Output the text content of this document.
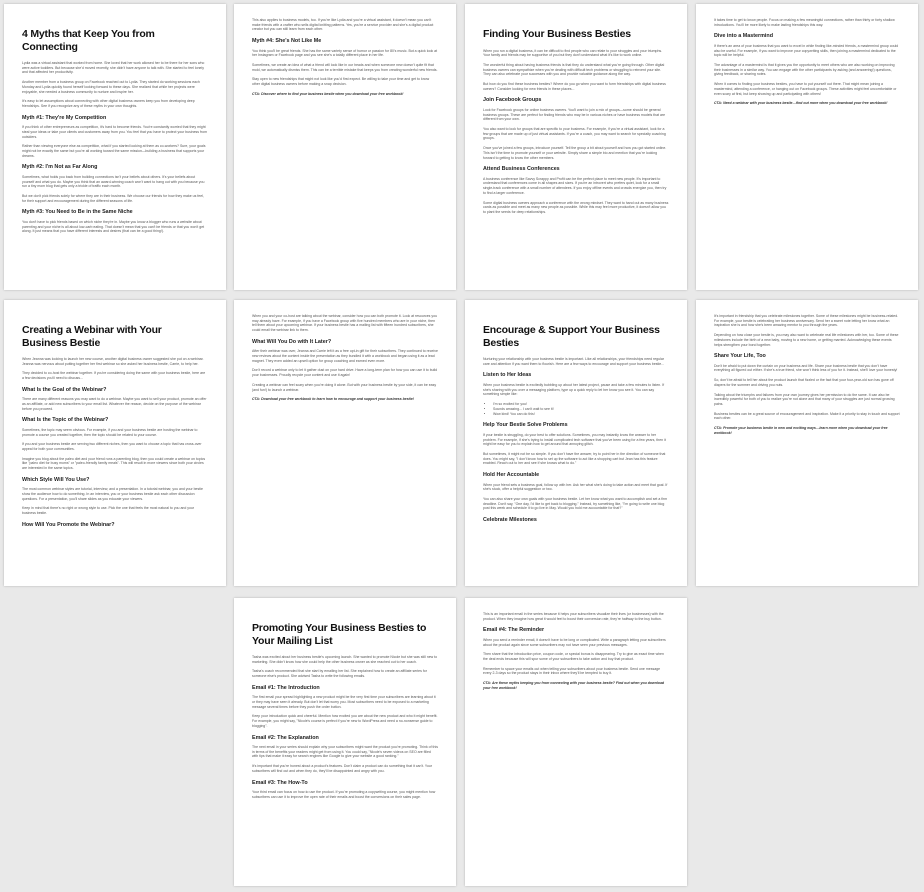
4 Myths that Keep You from Connecting

Lydia was a virtual assistant that worked from home. She loved that her work allowed her to be there for her sons who were active toddlers. But because she'd moved recently, she didn't have anyone to talk with. She started to feel lonely and that affected her productivity.

Another member from a business group on Facebook reached out to Lydia. They started do working sessions each Monday and Lydia quickly found herself looking forward to these days. She realized that while her projects were enjoyable, she needed a business community to nurture and inspire her.

It's easy to let assumptions about connecting with other digital business owners keep you from developing deep friendships. See if you recognize any of these myths in your own thoughts.

Myth #1: They're My Competition

If you think of other entrepreneurs as competition, it's hard to become friends. You're constantly worried that they might steal your ideas or take your clients and customers away from you. You feel that you have to protect your business from outsiders.

Rather than viewing everyone else as competition, what if you started looking at them as co-workers? Sure, your goals might not be exactly the same but you're all working toward the same mission—building a business that supports your dreams.

Myth #2: I'm Not as Far Along

Sometimes, what holds you back from building connections isn't your beliefs about others. It's your beliefs about yourself and what you do. Maybe you think that an award-winning coach won't want to hang out with you because you run a tiny mom blog that gets only a trickle of traffic each month.

But we don't pick friends solely for where they are in their business. We choose our friends for how they make us feel, for their support and encouragement during the different seasons of life.

Myth #3: You Need to Be in the Same Niche

You don't have to pick friends based on which niche they're in. Maybe you know a blogger who runs a website about parenting and your niche is all about low-carb eating. That doesn't mean that you can't be friends or that you won't get along. It just means that you have different interests and desires (that can be a good thing!).

This also applies to business models, too. If you're like Lydia and you're a virtual assistant, it doesn't mean you can't make friends with a crafter who sells digital knitting patterns. Yes, you're a service provider and she's a digital product creator but you can still learn from each other.

Myth #4: She's Not Like Me

You think you'll be great friends. She has the same variety sense of humor or passion for 80's music. But a quick look at her Instagram or Facebook page and you see she's a totally different place in her life.

Sometimes, we create an idea of what a friend will look like in our heads and when someone new doesn't quite fit that mold, we automatically dismiss them. This can be a terrible mistake that keeps you from creating wonderful new friends.

Stay open to new friendships that might not look like you'd first expect. Be willing to take your time and get to know other digital business owners before making a snap decision.

CTA: Discover where to find your business bestie when you download your free workbook!

Finding Your Business Besties

When you run a digital business, it can be difficult to find people who can relate to your struggles and your triumphs. Your family and friends may be supportive of you but they don't understand what it's like to work online.

The wonderful thing about having business friends is that they do understand what you're going through. Other digital business owners can sympathize when you're dealing with difficult tech problems or struggling to reinvent your site. They can also celebrate your successes with you and provide valuable guidance along the way.

But how do you find these business besties? Where do you go when you want to form friendships with digital business owners? Consider looking for new friends in these places...

Join Facebook Groups

Look for Facebook groups for online business owners. You'll want to join a mix of groups—some should be general business groups. These are perfect for finding friends who may be in various niches or have business models that are different from your own.

You also want to look for groups that are specific to your business. For example, if you're a virtual assistant, look for a few groups that are made up of just virtual assistants. If you're a coach, you may want to search for specialty coaching groups.

Once you've joined a few groups, introduce yourself. Tell the group a bit about yourself and how you got started online. This isn't the time to promote yourself or your website. Simply share a simple bio and mention that you're looking forward to getting to know the other members.

Attend Business Conferences

A business conference like Savvy Scrappy and Profit can be the perfect place to meet new people. It's important to understand that conferences come in all shapes and sizes. If you're an introvert who prefers quiet, look for a small single-track conference with a small number of attendees. If you enjoy offline events and crowds energize you, then try to find a larger conference.

Some digital business owners approach a conference with the wrong mindset. They want to hand out as many business cards as possible and meet as many new people as possible. While this may feel more productive, it doesn't allow you to plant the seeds for deep relationships.

It takes time to get to know people. Focus on making a few meaningful connections, rather than thirty or forty shallow introductions. You'll be more likely to make lasting friendships this way.

Dive into a Mastermind

If there's an area of your business that you want to excel in while finding like-minded friends, a mastermind group could also be useful. For example, if you want to improve your copywriting skills, then joining a mastermind dedicated to the topic will be helpful.

The advantage of a mastermind is that it gives you the opportunity to meet others who are also working on improving their businesses in a similar way. You can engage with the other participants by asking (and answering!) questions, giving feedback, or sharing notes.

When it comes to finding your business besties, you have to put yourself out there. That might mean joining a mastermind, attending a conference, or hanging out on Facebook groups. These activities might feel uncomfortable or even scary at first, but keep showing up and participating with others!

CTA: Need a webinar with your business bestie—find out more when you download your free workbook!

Creating a Webinar with Your Business Bestie

When Jeanna was looking to launch her new course, another digital business owner suggested she put on a webinar. Jeanna was nervous about putting together her first webinar so she asked her business bestie, Carrie, to help her.

They decided to co-host the webinar together. If you're considering doing the same with your business bestie, here are a few decisions you'll need to discuss...

What Is the Goal of the Webinar?

There are many different reasons you may want to do a webinar. Maybe you want to sell your product, promote an offer as an affiliate, or add new subscribers to your email list. Whatever the reason, decide on the purpose of the webinar before you proceed.

What Is the Topic of the Webinar?

Sometimes, the topic may seem obvious. For example, if you and your business bestie are hosting the webinar to promote a course you created together, then the topic should be related to your course.

If you and your business bestie are serving two different niches, then you want to choose a topic that has cross-over appeal for both your communities.

Imagine you blog about the paleo diet and your friend runs a parenting blog, then you could create a webinar on topics like "paleo diet for busy moms" or "paleo-friendly family meals". This will result in more viewers since both your circles are interested in the same topics.

Which Style Will You Use?

The most common webinar styles are tutorial, interview, and a presentation. In a tutorial webinar, you and your bestie show the audience how to do something. In an interview, you or your business bestie ask each other discussion questions. For a presentation, you'll share slides as you educate your viewers.

Keep in mind that there's no right or wrong style to use. Pick the one that feels the most natural to you and your business bestie.

How Will You Promote the Webinar?

When you and your co-host are talking about the webinar, consider how you can both promote it. Look at resources you may already have. For example, if you have a Facebook group with five hundred members who are in your niche, then tell them about your upcoming webinar. If your business bestie has a mailing list with fifteen hundred subscribers, she could email the webinar link to them.

What Will You Do with It Later?

After their webinar was over, Jeanna and Carrie left it as a free opt-in gift for their subscribers. They continued to receive new reviews about the content inside the presentation as they bundled it with a workbook and began using it as a lead magnet. They even added an upsell option for group coaching and earned even more.

Don't record a webinar only to let it gather dust on your hard drive. Have a long-term plan for how you can use it to build your businesses. Proudly recycle your content and use it again!

Creating a webinar can feel scary when you're doing it alone. But with your business bestie by your side, it can be easy (and fun!) to launch a webinar.

CTA: Download your free workbook to learn how to encourage and support your business bestie!

Encourage & Support Your Business Besties

Nurturing your relationship with your business bestie is important. Like all relationships, your friendships need regular care and attention if you want them to flourish. Here are a few ways to encourage and support your business bestie...

Listen to Her Ideas

When your business bestie is excitedly bubbling up about her latest project, pause and take a few minutes to listen. If she's sharing with you over a messaging platform, type up a quick reply to let her know you see it. You can say something simple like:

• I'm so excited for you!
• Sounds amazing... I can't wait to see it!
• Wow kind! You can do this!
Help Your Bestie Solve Problems

If your bestie is struggling, do your best to offer solutions. Sometimes, you may instantly know the answer to her problem. For example, if she's trying to install complicated tech software that you've been using for a few years, then it might be easy for you to explain how to get around that annoying glitch.

But sometimes, it might not be so simple. If you don't have the answer, try to point her in the direction of someone that does. You might say, "I don't know how to set up the software to act like a shopping cart but Jean has this feature enabled. Reach out to her and see if she knows what to do."

Hold Her Accountable

When your friend sets a business goal, follow up with her. Ask her what she's doing to take action and meet that goal. If she's stuck, offer a helpful suggestion or two.

You can also share your own goals with your business bestie. Let her know what you want to accomplish and set a firm deadline. Don't say, "One day, I'd like to get back to blogging." Instead, try something like, "I'm going to write one blog post this week and schedule it to go live in May. Would you hold me accountable for that?"

Celebrate Milestones

It's important in friendship that you celebrate milestones together. Some of these milestones might be business-related. For example, your bestie is celebrating her business anniversary. Send her a sweet note letting her know what an inspiration she is and how she's been amazing mentor to you through the years.

Depending on how close your bestie is, you may also want to celebrate real life milestones with her, too. Some of these milestones include the birth of a new baby, moving to a new home, or getting married. Acknowledging these events helps strengthen your bond together.

Share Your Life, Too

Don't be afraid to put down the curtain on your business and life. Share your business bestie that you don't have everything all figured out either. If she's a true friend, she won't think less of you for it. Instead, she'll love your honesty!

So, don't be afraid to tell her about the product launch that fizzled or the fact that your four-year-old son has gone off diapers for the summer and driving you nuts.

Talking about the triumphs and failures from your own journey gives her permission to do the same. It can also be incredibly powerful for both of you to realize you're not alone and that many of your struggles are just normal growing pains.

Business besties can be a great source of encouragement and inspiration. Make it a priority to stay in touch and support each other.

CTA: Promote your business bestie in new and exciting ways—learn more when you download your free workbook!

Promoting Your Business Besties to Your Mailing List

Tasha was excited about her business bestie's upcoming launch. She wanted to promote Nicole but she was still new to marketing. She didn't know how she could help the other business owner as she reached out to her coach.

Tasha's coach recommended that she start by emailing her list. She explained how to create an affiliate series for someone else's product. She advised Tasha to write the following emails.

Email #1: The Introduction

The first email your spread highlighting a new product might be the very first time your subscribers are learning about it or they may have seen it already. But don't let that worry you. Most subscribers need to be exposed to a marketing message several times before they push the order button.

Keep your introduction quick and cheerful. Mention how excited you are about the new product and who it might benefit. For example, you might say, "Nicole's course is perfect if you're new to WordPress and need a no-nonsense guide to blogging".

Email #2: The Explanation

The next email in your series should explain why your subscribers might want the product you're promoting. Think of this in terms of the benefits your readers might get from using it. You could say, "Nicole's seven videos on SEO are filled with tips that make it easy for search engines like Google to give your website a good ranking."

It's important that you're honest about a product's features. Don't claim a product can do something that it can't. Your subscribers will find out and when they do, they'll be disappointed and angry with you.

Email #3: The How-To

Your third email can focus on how-to use the product. If you're promoting a copywriting course, you might mention how subscribers can use it to improve the open rate of their emails and boost the conversions on their sales page.

This is an important email in the series because it helps your subscribers visualize their lives (or businesses) with the product. When they imagine how great it would feel to boost their conversion rate, they're halfway to the buy button.

Email #4: The Reminder

When you send a reminder email, it doesn't have to be long or complicated. Write a paragraph letting your subscribers about the product again since some subscribers may not have seen your previous messages.

Then share that the introduction price, coupon code, or special bonus is disappearing. Try to give as exact time when the deal ends because this will spur some of your subscribers to take action and buy that product.

Remember to space your emails out when telling your subscribers about your business bestie. Send one message every 2-3 days so the product stays in their inbox where they'll be tempted to buy it.

CTA: Are these myths keeping you from connecting with your business bestie? Find out when you download your free workbook!
